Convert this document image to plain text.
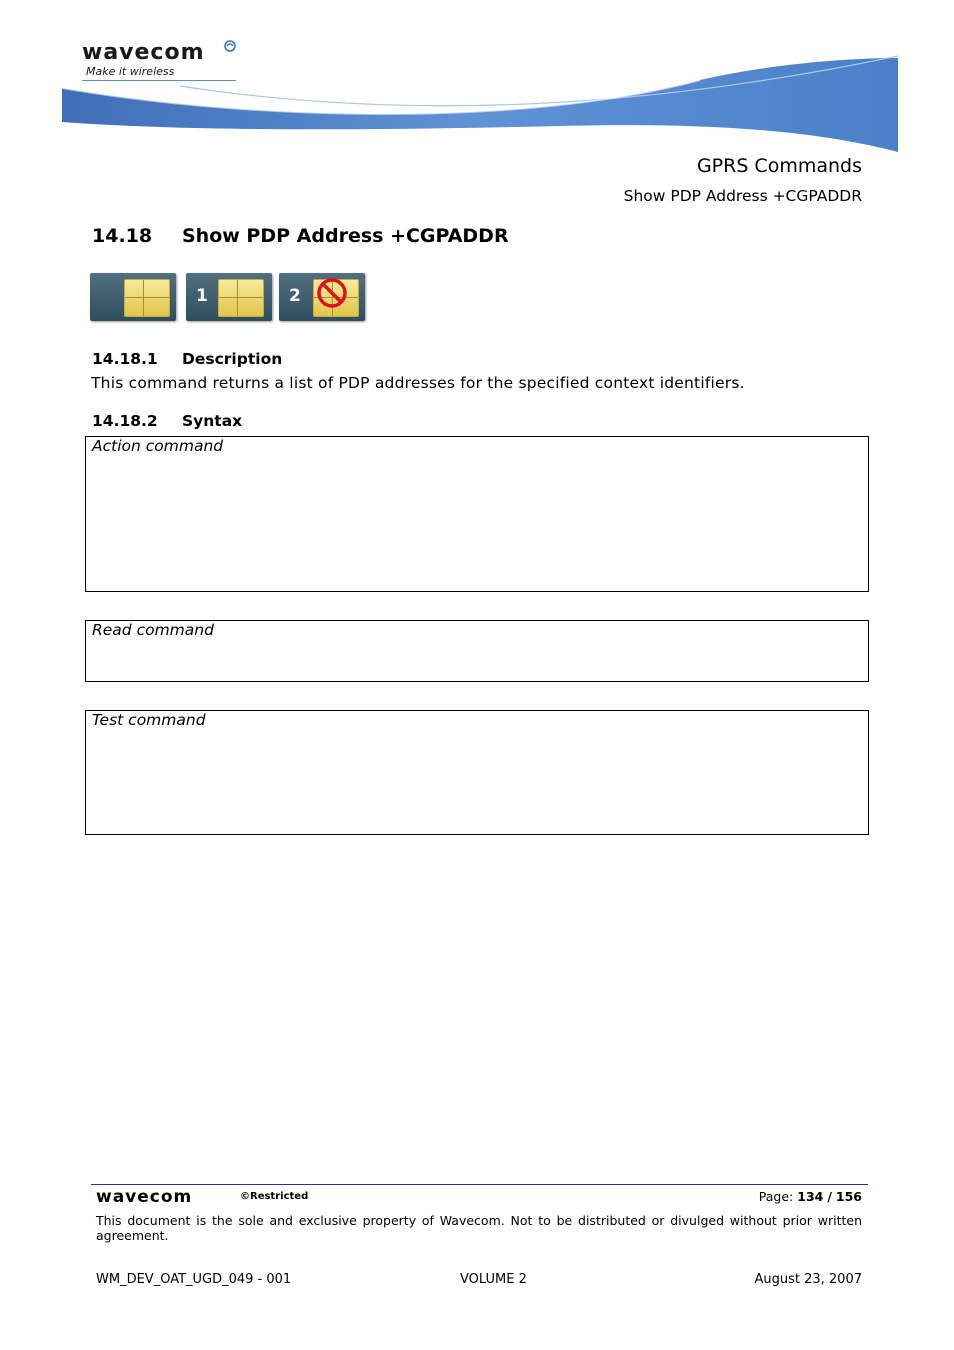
wavecom
Make it wireless
GPRS Commands
Show PDP Address +CGPADDR
14.18 Show PDP Address +CGPADDR
1	2
14.18.1 Description
This command returns a list of PDP addresses for the specified context identifiers.
14.18.2 Syntax
Action command
Read command
Test command
wavecom	©Restricted	Page: 134 / 156
This document is the sole and exclusive property of Wavecom. Not to be distributed or divulged without prior written agreement.
WM_DEV_OAT_UGD_049 - 001	VOLUME 2	August 23, 2007
